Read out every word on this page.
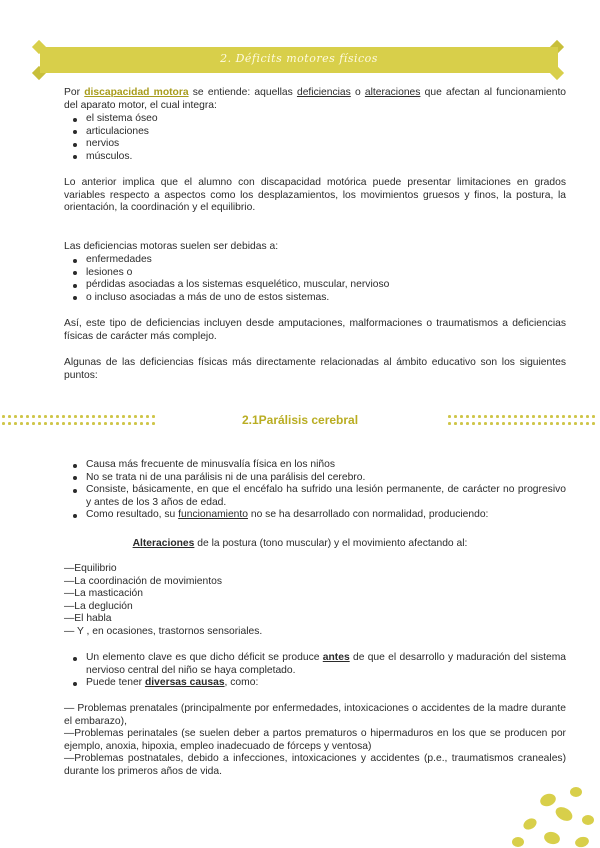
2. Déficits motores físicos
Por discapacidad motora se entiende: aquellas deficiencias o alteraciones que afectan al funcionamiento del aparato motor, el cual integra:
el sistema óseo
articulaciones
nervios
músculos.
Lo anterior implica que el alumno con discapacidad motórica puede presentar limitaciones en grados variables respecto a aspectos como los desplazamientos, los movimientos gruesos y finos, la postura, la orientación, la coordinación y el equilibrio.
Las deficiencias motoras suelen ser debidas a:
enfermedades
lesiones o
pérdidas asociadas a los sistemas esquelético, muscular, nervioso
o incluso asociadas a más de uno de estos sistemas.
Así, este tipo de deficiencias incluyen desde amputaciones, malformaciones o traumatismos a deficiencias físicas de carácter más complejo.
Algunas de las deficiencias físicas más directamente relacionadas al ámbito educativo son los siguientes puntos:
2.1Parálisis cerebral
Causa más frecuente de minusvalía física en los niños
No se trata ni de una parálisis ni de una parálisis del cerebro.
Consiste, básicamente, en que el encéfalo ha sufrido una lesión permanente, de carácter no progresivo y antes de los 3 años de edad.
Como resultado, su funcionamiento no se ha desarrollado con normalidad, produciendo:
Alteraciones de la postura (tono muscular) y el movimiento afectando al:
—Equilibrio
—La coordinación de movimientos
—La masticación
—La deglución
—El habla
— Y , en ocasiones, trastornos sensoriales.
Un elemento clave es que dicho déficit se produce antes de que el desarrollo y maduración del sistema nervioso central del niño se haya completado.
Puede tener diversas causas, como:
— Problemas prenatales (principalmente por enfermedades, intoxicaciones o accidentes de la madre durante el embarazo),
—Problemas perinatales (se suelen deber a partos prematuros o hipermaduros en los que se producen por ejemplo, anoxia, hipoxia, empleo inadecuado de fórceps y ventosa)
—Problemas postnatales, debido a infecciones, intoxicaciones y accidentes (p.e., traumatismos craneales) durante los primeros años de vida.
